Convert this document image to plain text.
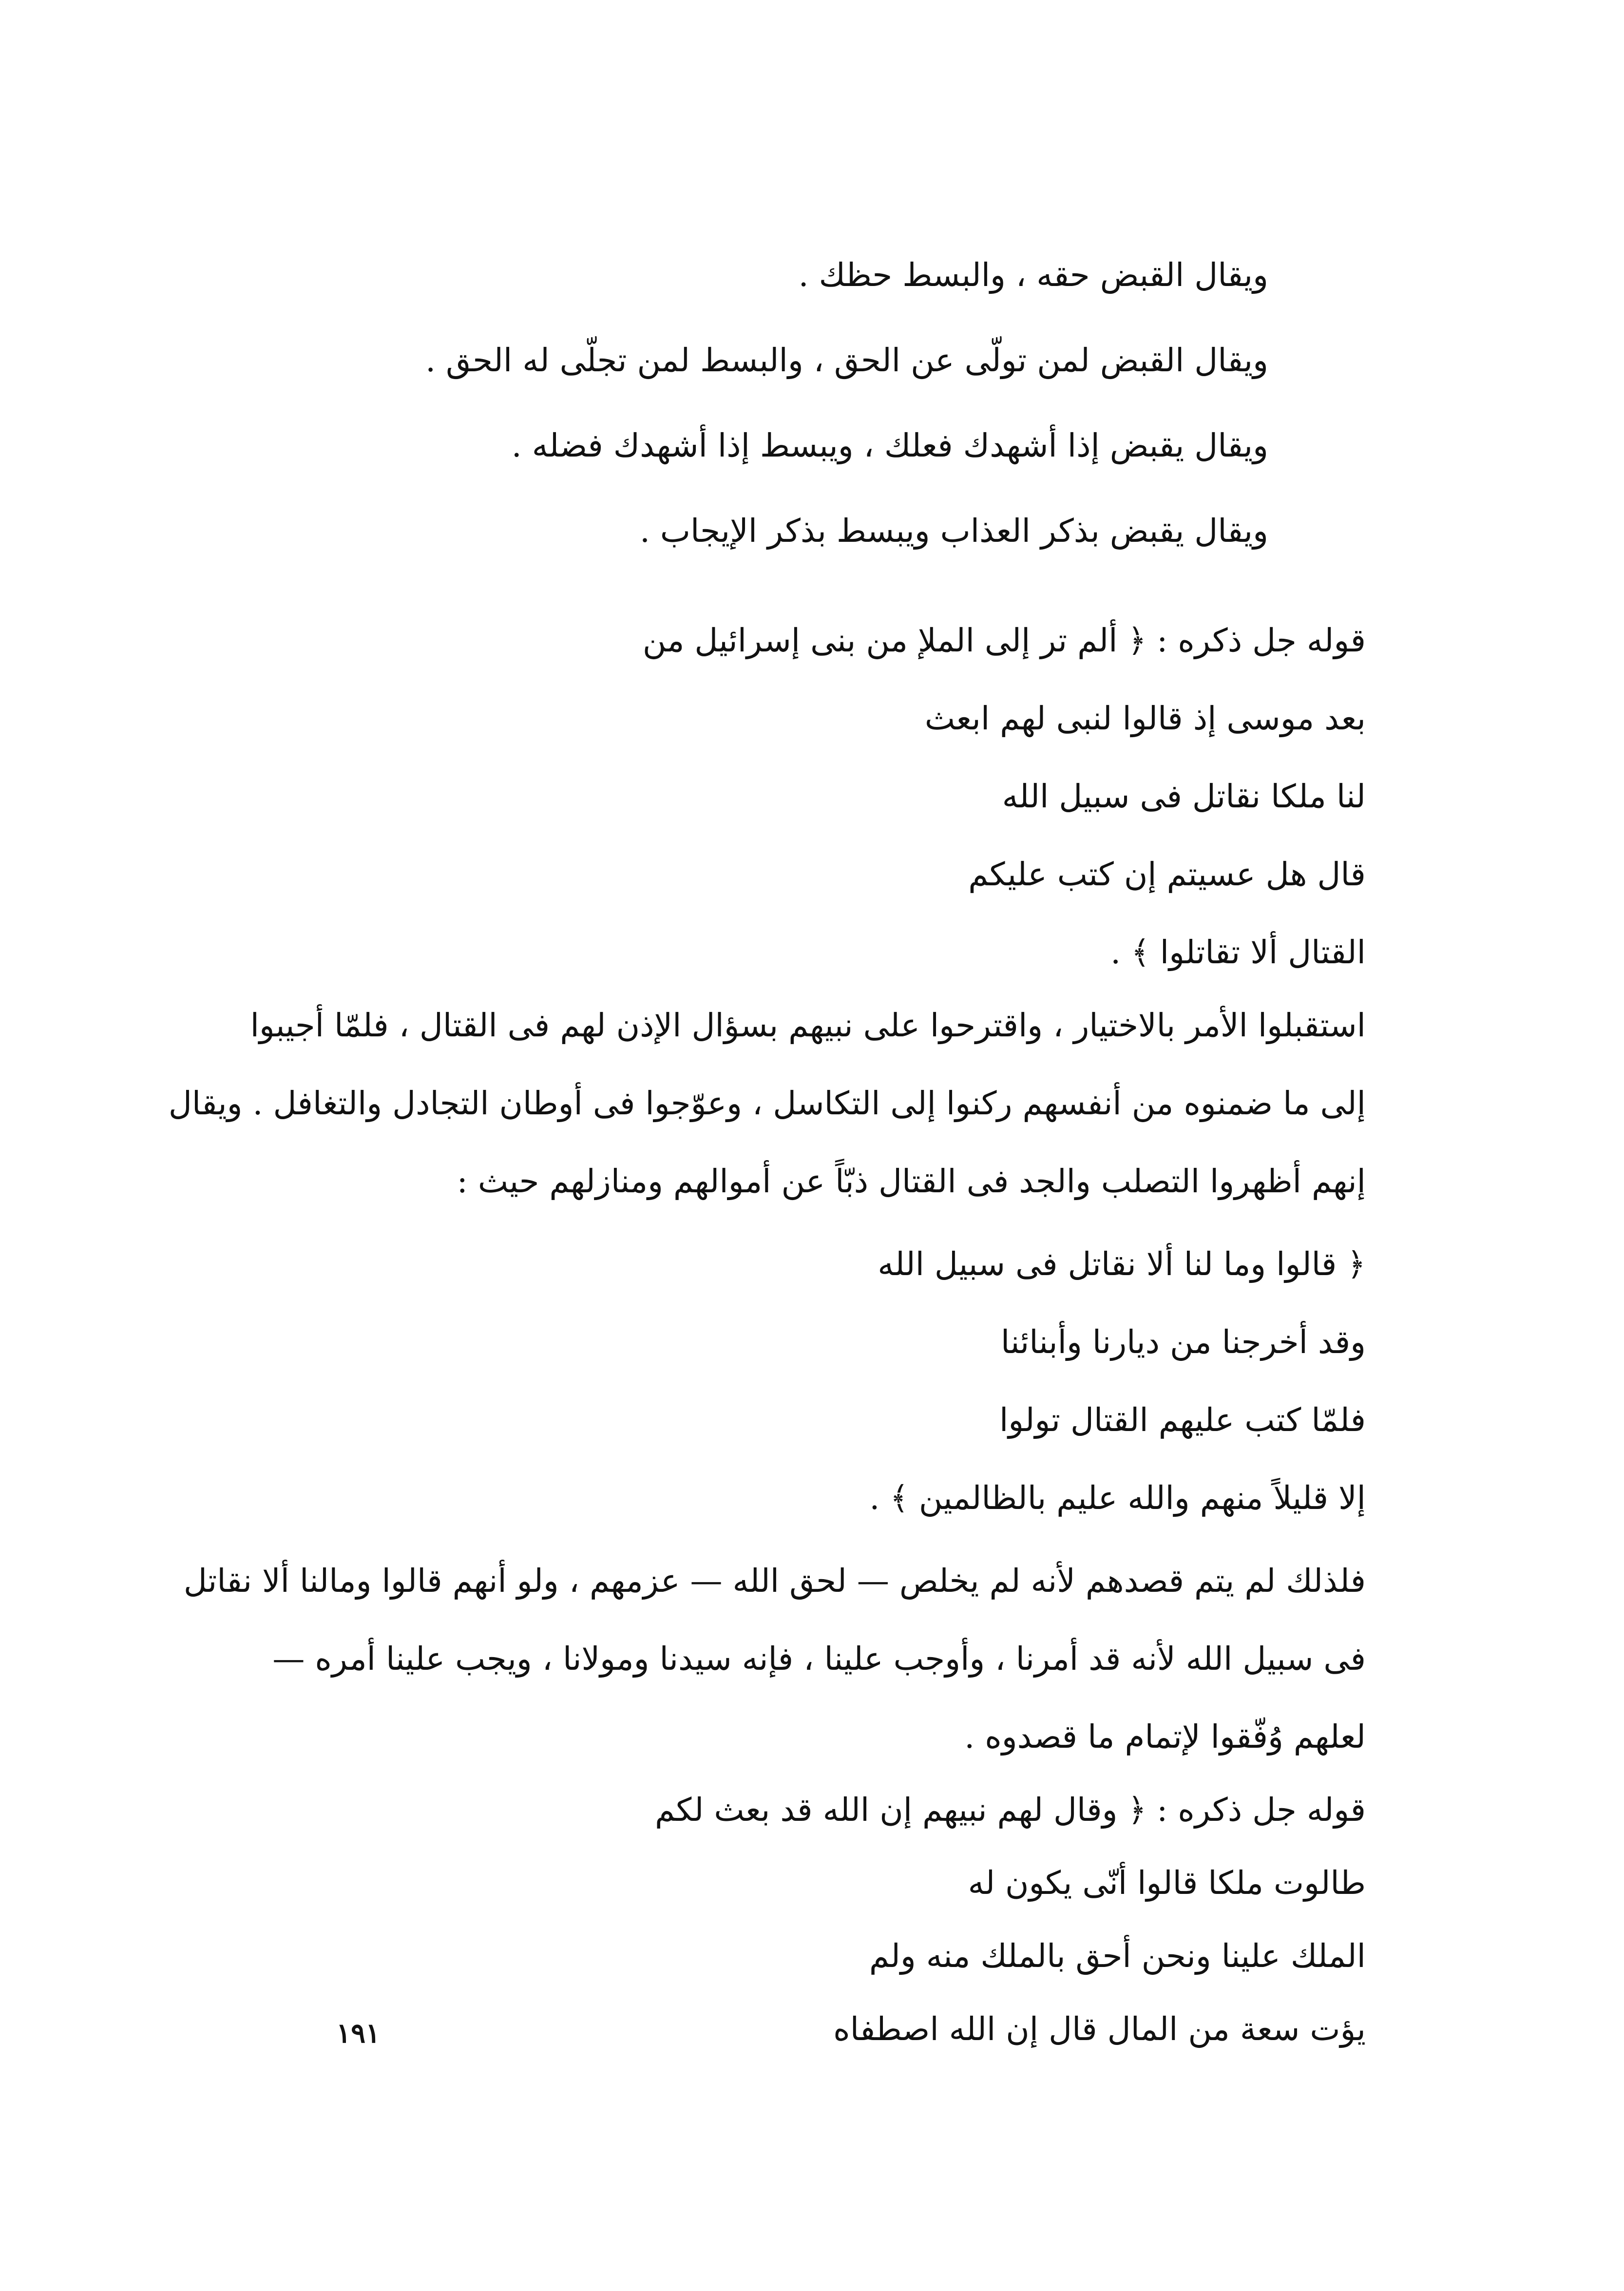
ويقال القبض حقه ، والبسط حظك .
ويقال القبض لمن تولّى عن الحق ، والبسط لمن تجلّى له الحق .
ويقال يقبض إذا أشهدك فعلك ، ويبسط إذا أشهدك فضله .
ويقال يقبض بذكر العذاب ويبسط بذكر الإيجاب .
قوله جل ذكره : ﴿ ألم تر إلى الملإ من بنى إسرائيل من
بعد موسى إذ قالوا لنبى لهم ابعث
لنا ملكا نقاتل فى سبيل الله
قال هل عسيتم إن كتب عليكم
القتال ألا تقاتلوا ﴾ .
استقبلوا الأمر بالاختيار ، واقترحوا على نبيهم بسؤال الإذن لهم فى القتال ، فلمّا أجيبوا
إلى ما ضمنوه من أنفسهم ركنوا إلى التكاسل ، وعوّجوا فى أوطان التجادل والتغافل . ويقال
إنهم أظهروا التصلب والجد فى القتال ذبّاً عن أموالهم ومنازلهم حيث :
﴿ قالوا وما لنا ألا نقاتل فى سبيل الله
وقد أخرجنا من ديارنا وأبنائنا
فلمّا كتب عليهم القتال تولوا
إلا قليلاً منهم والله عليم بالظالمين ﴾ .
فلذلك لم يتم قصدهم لأنه لم يخلص — لحق الله — عزمهم ، ولو أنهم قالوا ومالنا ألا نقاتل
فى سبيل الله لأنه قد أمرنا ، وأوجب علينا ، فإنه سيدنا ومولانا ، ويجب علينا أمره —
لعلهم وُفّقوا لإتمام ما قصدوه .
قوله جل ذكره : ﴿ وقال لهم نبيهم إن الله قد بعث لكم
طالوت ملكا قالوا أنّى يكون له
الملك علينا ونحن أحق بالملك منه ولم
يؤت سعة من المال قال إن الله اصطفاه
١٩١
